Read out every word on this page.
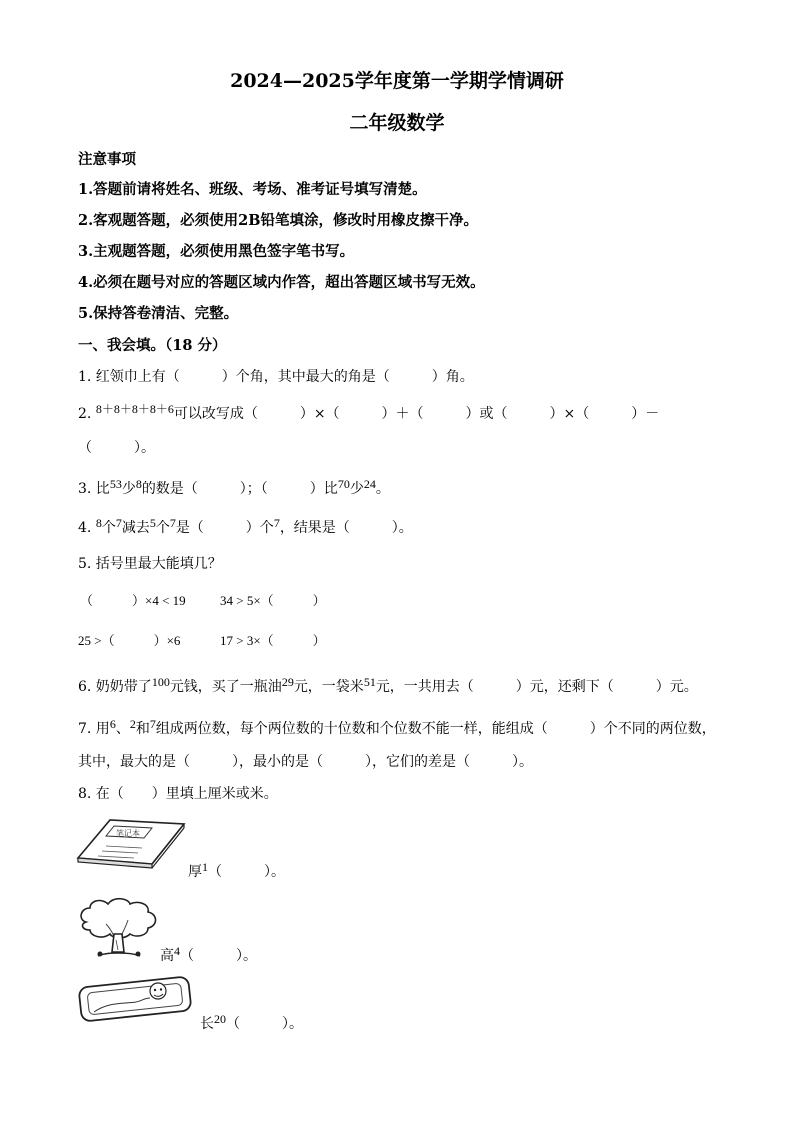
2024—2025学年度第一学期学情调研
二年级数学
注意事项
1.答题前请将姓名、班级、考场、准考证号填写清楚。
2.客观题答题，必须使用2B铅笔填涂，修改时用橡皮擦干净。
3.主观题答题，必须使用黑色签字笔书写。
4.必须在题号对应的答题区域内作答，超出答题区域书写无效。
5.保持答卷清洁、完整。
一、我会填。（18 分）
1. 红领巾上有（　　　）个角，其中最大的角是（　　　）角。
2. $^{8+8+8+8+6}$可以改写成（　　　）×（　　　）＋（　　　）或（　　　）×（　　　）－
（　　　）。
3. 比$^{53}$少$^8$的数是（　　　）；（　　　）比$^{70}$少$^{24}$。
4. $^8$个$^7$减去$^5$个$^7$是（　　　）个$^7$，结果是（　　　）。
5. 括号里最大能填几？
（　　　）×4 < 19	34 > 5×（　　　）
25 >（　　　）×6	17 > 3×（　　　）
6. 奶奶带了$^{100}$元钱，买了一瓶油$^{29}$元，一袋米$^{51}$元，一共用去（　　　）元，还剩下（　　　）元。
7. 用$^6$、$^2$和$^7$组成两位数，每个两位数的十位数和个位数不能一样，能组成（　　　）个不同的两位数，
其中，最大的是（　　　），最小的是（　　　），它们的差是（　　　）。
8. 在（　　）里填上厘米或米。
笔记本
厚$^1$（　　　）。
高$^4$（　　　）。
长$^{20}$（　　　）。
